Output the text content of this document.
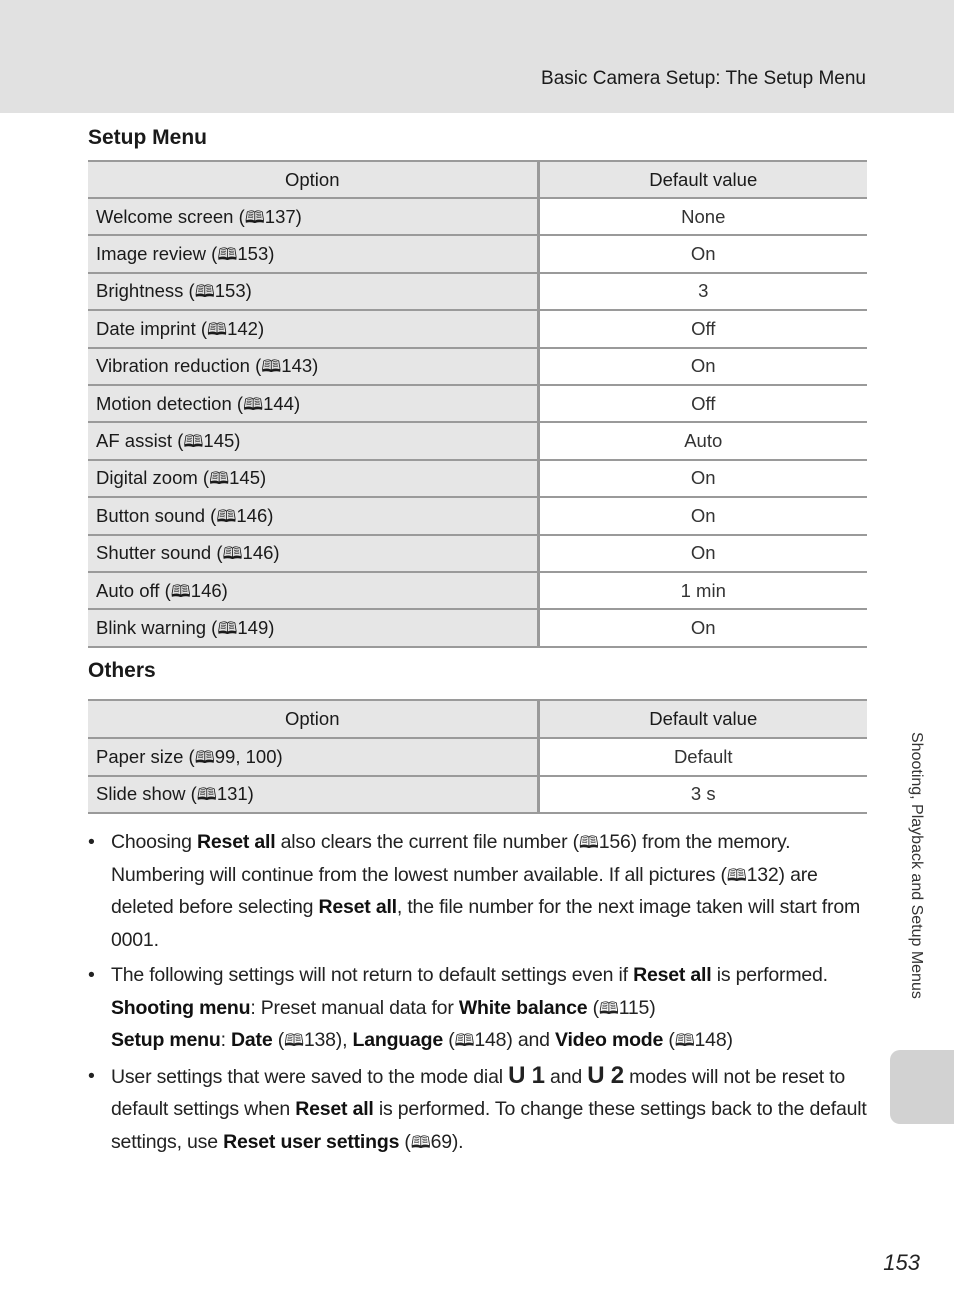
Basic Camera Setup: The Setup Menu
Setup Menu
Option	Default value
Welcome screen (🕮137)	None
Image review (🕮153)	On
Brightness (🕮153)	3
Date imprint (🕮142)	Off
Vibration reduction (🕮143)	On
Motion detection (🕮144)	Off
AF assist (🕮145)	Auto
Digital zoom (🕮145)	On
Button sound (🕮146)	On
Shutter sound (🕮146)	On
Auto off (🕮146)	1 min
Blink warning (🕮149)	On
Others
Option	Default value
Paper size (🕮99, 100)	Default
Slide show (🕮131)	3 s
• Choosing Reset all also clears the current file number (🕮156) from the memory. Numbering will continue from the lowest number available. If all pictures (🕮132) are deleted before selecting Reset all, the file number for the next image taken will start from 0001.
• The following settings will not return to default settings even if Reset all is performed.
Shooting menu: Preset manual data for White balance (🕮115)
Setup menu: Date (🕮138), Language (🕮148) and Video mode (🕮148)
• User settings that were saved to the mode dial U 1 and U 2 modes will not be reset to default settings when Reset all is performed. To change these settings back to the default settings, use Reset user settings (🕮69).
Shooting, Playback and Setup Menus
153
